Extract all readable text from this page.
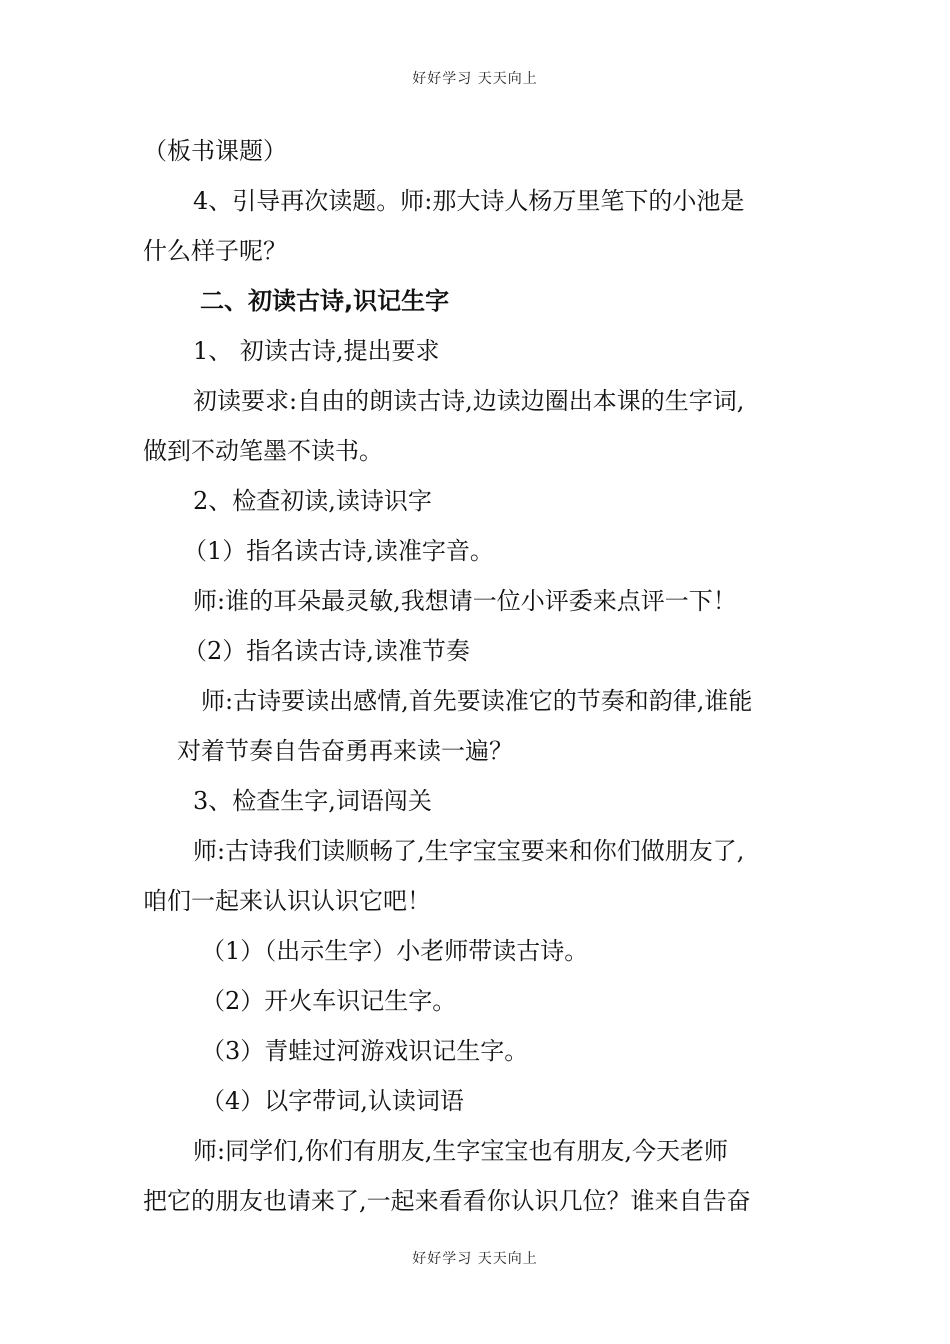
好好学习 天天向上
（板书课题）
4、引导再次读题。师:那大诗人杨万里笔下的小池是
什么样子呢？
二、初读古诗,识记生字
1、 初读古诗,提出要求
初读要求:自由的朗读古诗,边读边圈出本课的生字词,
做到不动笔墨不读书。
2、检查初读,读诗识字
（1）指名读古诗,读准字音。
师:谁的耳朵最灵敏,我想请一位小评委来点评一下！
（2）指名读古诗,读准节奏
师:古诗要读出感情,首先要读准它的节奏和韵律,谁能
对着节奏自告奋勇再来读一遍？
3、检查生字,词语闯关
师:古诗我们读顺畅了,生字宝宝要来和你们做朋友了,
咱们一起来认识认识它吧！
（1）（出示生字）小老师带读古诗。
（2）开火车识记生字。
（3）青蛙过河游戏识记生字。
（4）以字带词,认读词语
师:同学们,你们有朋友,生字宝宝也有朋友,今天老师
把它的朋友也请来了,一起来看看你认识几位？谁来自告奋
好好学习 天天向上
